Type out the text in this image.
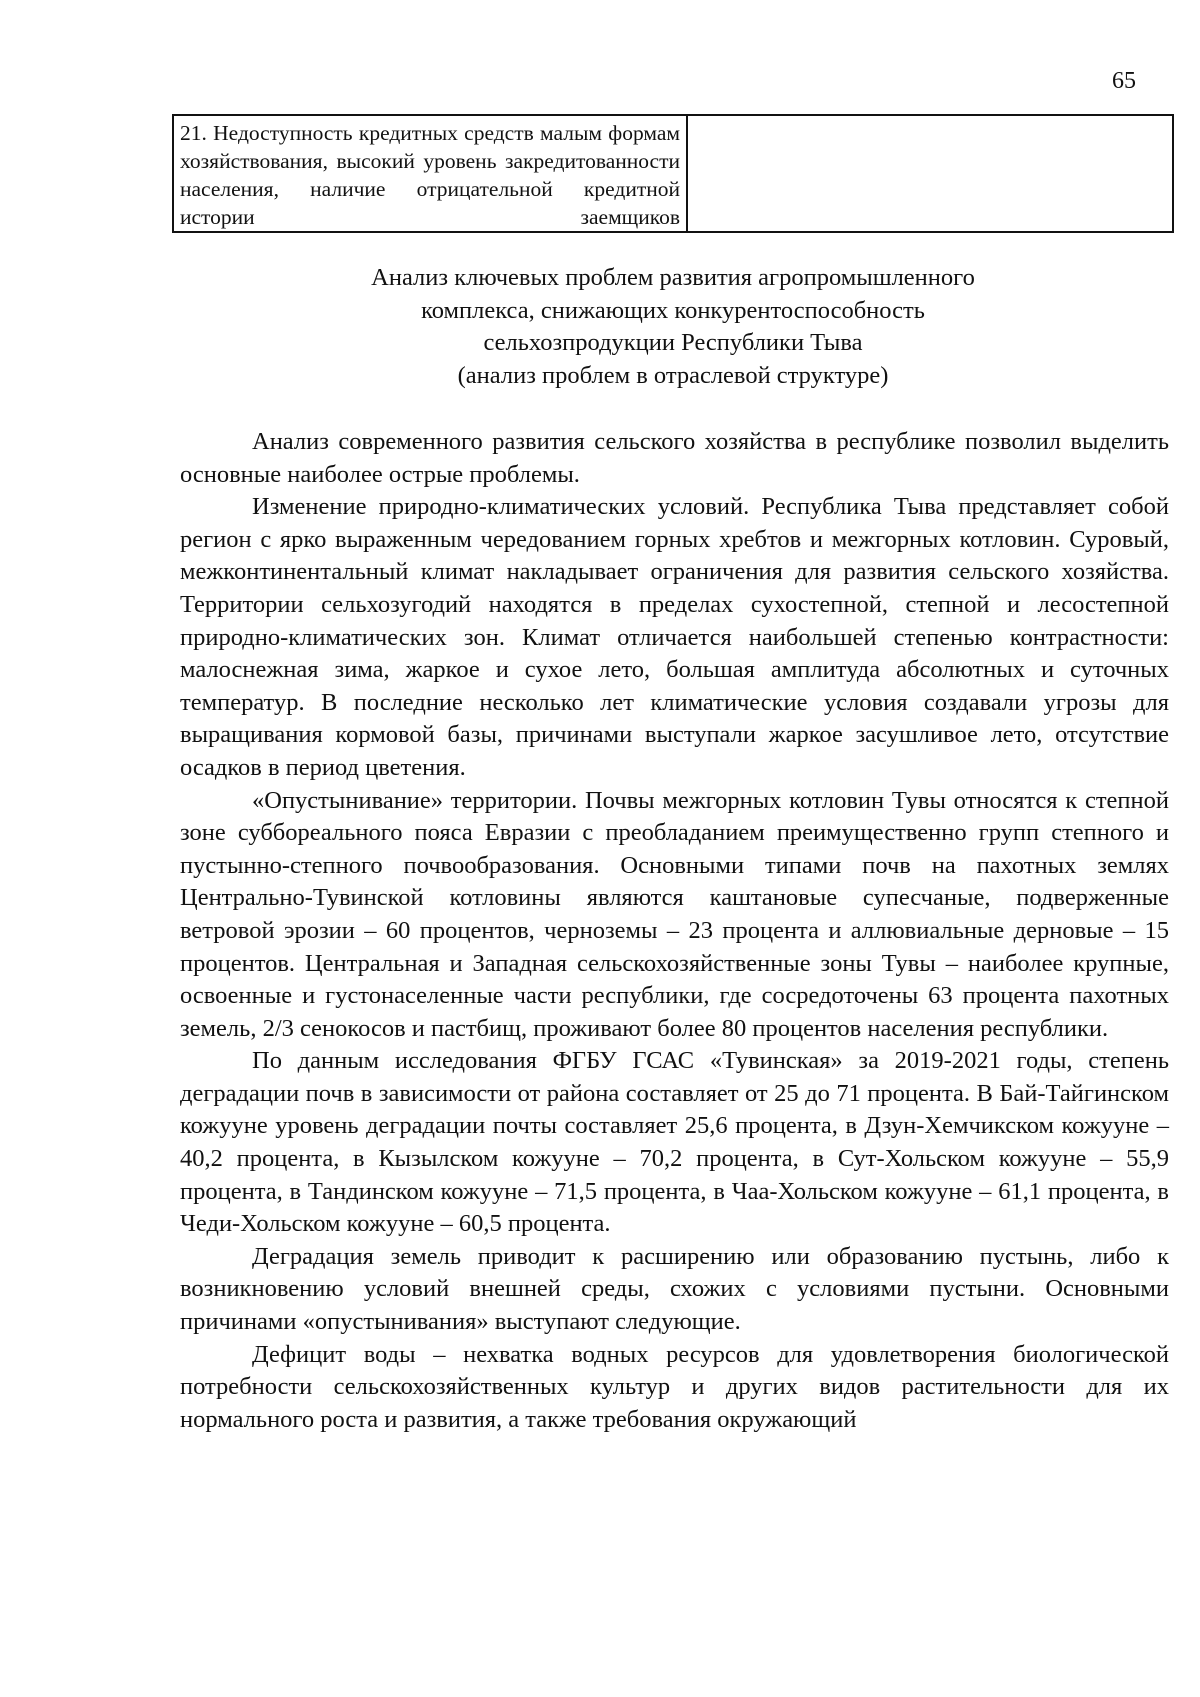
65
21. Недоступность кредитных средств малым формам хозяйствования, высокий уровень закредитованности населения, наличие отрицательной кредитной истории заемщиков

Анализ ключевых проблем развития агропромышленного
комплекса, снижающих конкурентоспособность
сельхозпродукции Республики Тыва
(анализ проблем в отраслевой структуре)

Анализ современного развития сельского хозяйства в республике позволил выделить основные наиболее острые проблемы.

Изменение природно-климатических условий. Республика Тыва представляет собой регион с ярко выраженным чередованием горных хребтов и межгорных котловин. Суровый, межконтинентальный климат накладывает ограничения для развития сельского хозяйства. Территории сельхозугодий находятся в пределах сухостепной, степной и лесостепной природно-климатических зон. Климат отличается наибольшей степенью контрастности: малоснежная зима, жаркое и сухое лето, большая амплитуда абсолютных и суточных температур. В последние несколько лет климатические условия создавали угрозы для выращивания кормовой базы, причинами выступали жаркое засушливое лето, отсутствие осадков в период цветения.

«Опустынивание» территории. Почвы межгорных котловин Тувы относятся к степной зоне суббореального пояса Евразии с преобладанием преимущественно групп степного и пустынно-степного почвообразования. Основными типами почв на пахотных землях Центрально-Тувинской котловины являются каштановые супесчаные, подверженные ветровой эрозии – 60 процентов, черноземы – 23 процента и аллювиальные дерновые – 15 процентов. Центральная и Западная сельскохозяйственные зоны Тувы – наиболее крупные, освоенные и густонаселенные части республики, где сосредоточены 63 процента пахотных земель, 2/3 сенокосов и пастбищ, проживают более 80 процентов населения республики.

По данным исследования ФГБУ ГСАС «Тувинская» за 2019-2021 годы, степень деградации почв в зависимости от района составляет от 25 до 71 процента. В Бай-Тайгинском кожууне уровень деградации почты составляет 25,6 процента, в Дзун-Хемчикском кожууне – 40,2 процента, в Кызылском кожууне – 70,2 процента, в Сут-Хольском кожууне – 55,9 процента, в Тандинском кожууне – 71,5 процента, в Чаа-Хольском кожууне – 61,1 процента, в Чеди-Хольском кожууне – 60,5 процента.

Деградация земель приводит к расширению или образованию пустынь, либо к возникновению условий внешней среды, схожих с условиями пустыни. Основными причинами «опустынивания» выступают следующие.

Дефицит воды – нехватка водных ресурсов для удовлетворения биологической потребности сельскохозяйственных культур и других видов растительности для их нормального роста и развития, а также требования окружающий
